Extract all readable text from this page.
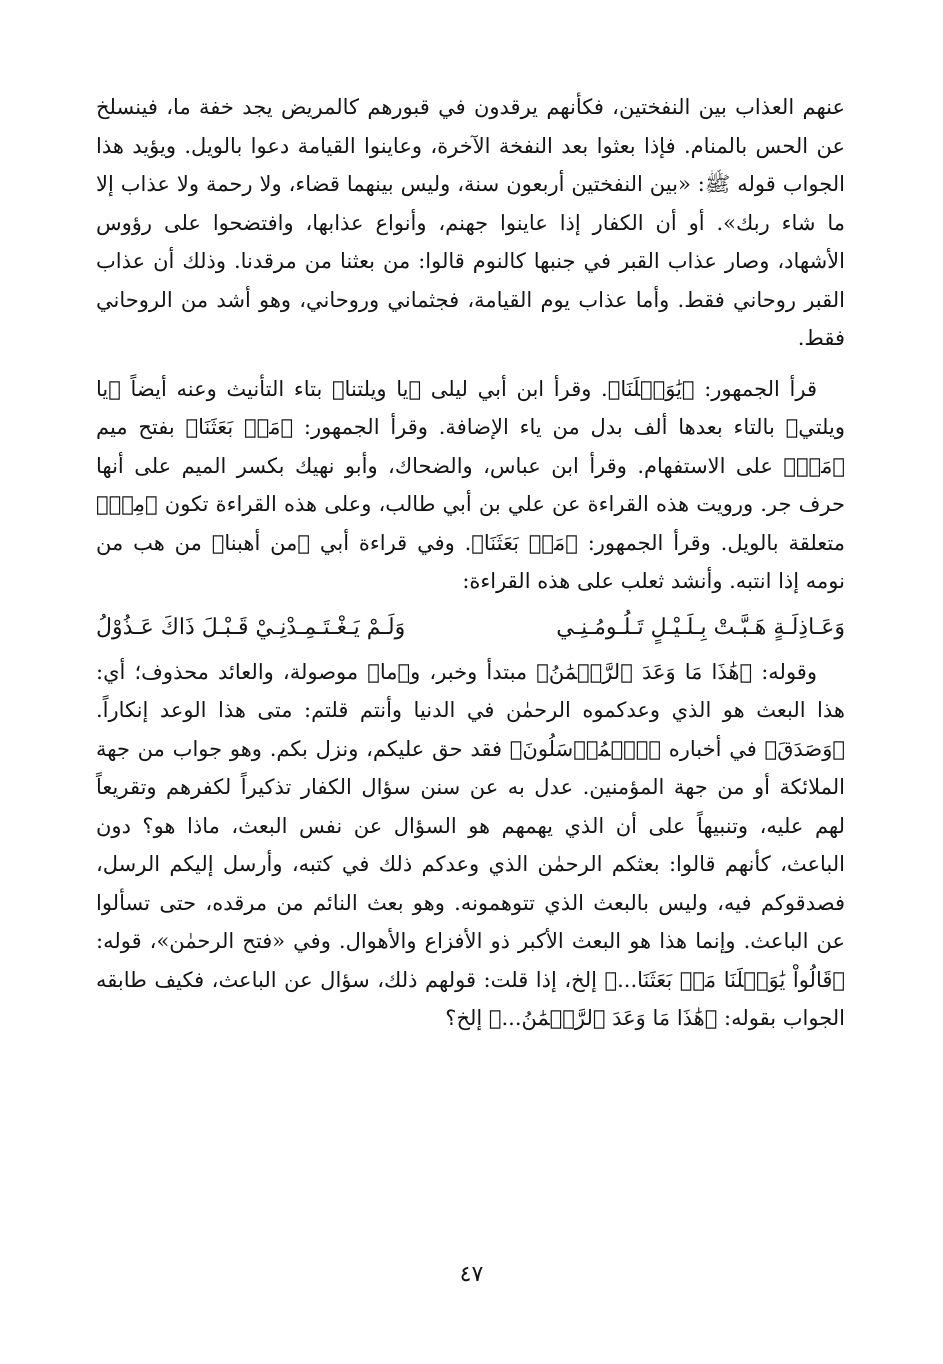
عنهم العذاب بين النفختين، فكأنهم يرقدون في قبورهم كالمريض يجد خفة ما، فينسلخ عن الحس بالمنام. فإذا بعثوا بعد النفخة الآخرة، وعاينوا القيامة دعوا بالويل. ويؤيد هذا الجواب قوله ﷺ: «بين النفختين أربعون سنة، وليس بينهما قضاء، ولا رحمة ولا عذاب إلا ما شاء ربك». أو أن الكفار إذا عاينوا جهنم، وأنواع عذابها، وافتضحوا على رؤوس الأشهاد، وصار عذاب القبر في جنبها كالنوم قالوا: من بعثنا من مرقدنا. وذلك أن عذاب القبر روحاني فقط. وأما عذاب يوم القيامة، فجثماني وروحاني، وهو أشد من الروحاني فقط.

قرأ الجمهور: ﴿يَٰوَيۡلَنَا﴾. وقرأ ابن أبي ليلى ﴿يا ويلتنا﴾ بتاء التأنيث وعنه أيضاً ﴿يا ويلتي﴾ بالتاء بعدها ألف بدل من ياء الإضافة. وقرأ الجمهور: ﴿مَنۢ بَعَثَنَا﴾ بفتح ميم ﴿مَنۢ﴾ على الاستفهام. وقرأ ابن عباس، والضحاك، وأبو نهيك بكسر الميم على أنها حرف جر. ورويت هذه القراءة عن علي بن أبي طالب، وعلى هذه القراءة تكون ﴿مِنۢ﴾ متعلقة بالويل. وقرأ الجمهور: ﴿مَنۢ بَعَثَنَا﴾. وفي قراءة أبي ﴿من أهبنا﴾ من هب من نومه إذا انتبه. وأنشد ثعلب على هذه القراءة:

وَعَـاذِلَـةٍ هَـبَّـتْ بِـلَـيْـلٍ تَـلُـومُـنِـي
وَلَـمْ يَـغْـتَـمِـدْنِـيْ قَـبْـلَ ذَاكَ عَـذُوْلُ

وقوله: ﴿هَٰذَا مَا وَعَدَ ٱلرَّحۡمَٰنُ﴾ مبتدأ وخبر، و﴿ما﴾ موصولة، والعائد محذوف؛ أي: هذا البعث هو الذي وعدكموه الرحمٰن في الدنيا وأنتم قلتم: متى هذا الوعد إنكاراً. ﴿وَصَدَقَ﴾ في أخباره ﴿ٱلۡمُرۡسَلُونَ﴾ فقد حق عليكم، ونزل بكم. وهو جواب من جهة الملائكة أو من جهة المؤمنين. عدل به عن سنن سؤال الكفار تذكيراً لكفرهم وتقريعاً لهم عليه، وتنبيهاً على أن الذي يهمهم هو السؤال عن نفس البعث، ماذا هو؟ دون الباعث، كأنهم قالوا: بعثكم الرحمٰن الذي وعدكم ذلك في كتبه، وأرسل إليكم الرسل، فصدقوكم فيه، وليس بالبعث الذي تتوهمونه. وهو بعث النائم من مرقده، حتى تسألوا عن الباعث. وإنما هذا هو البعث الأكبر ذو الأفزاع والأهوال. وفي «فتح الرحمٰن»، قوله: ﴿قَالُواْ يَٰوَيۡلَنَا مَنۢ بَعَثَنَا...﴾ إلخ، إذا قلت: قولهم ذلك، سؤال عن الباعث، فكيف طابقه الجواب بقوله: ﴿هَٰذَا مَا وَعَدَ ٱلرَّحۡمَٰنُ...﴾ إلخ؟

٤٧
